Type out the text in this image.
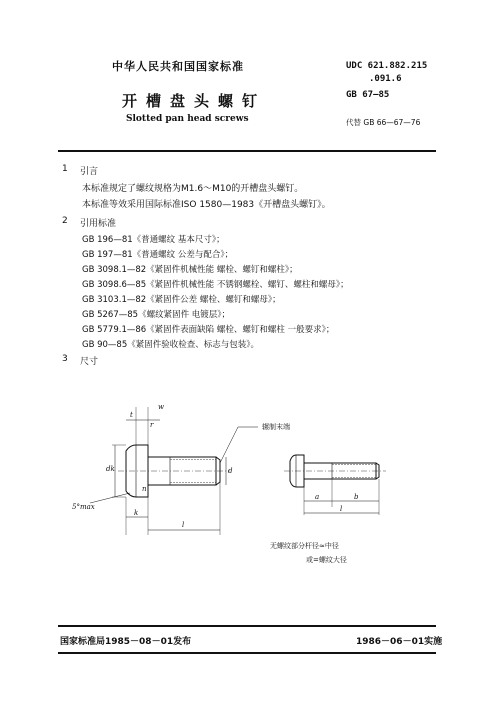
中华人民共和国国家标准
开槽盘头螺钉
Slotted pan head screws
UDC 621.882.215
.091.6
GB 67—85
代替 GB 66—67—76
1 引言
本标准规定了螺纹规格为M1.6～M10的开槽盘头螺钉。
本标准等效采用国际标准ISO 1580—1983《开槽盘头螺钉》。
2 引用标准
GB 196—81《普通螺纹 基本尺寸》；
GB 197—81《普通螺纹 公差与配合》；
GB 3098.1—82《紧固件机械性能 螺栓、螺钉和螺柱》；
GB 3098.6—85《紧固件机械性能 不锈钢螺栓、螺钉、螺柱和螺母》；
GB 3103.1—82《紧固件公差 螺栓、螺钉和螺母》；
GB 5267—85《螺纹紧固件 电镀层》；
GB 5779.1—86《紧固件表面缺陷 螺栓、螺钉和螺柱 一般要求》；
GB 90—85《紧固件验收检查、标志与包装》。
3 尺寸
w
t
r	辗制末端
dk	d
n
5°max
k
l
a	b
l
无螺纹部分杆径≈中径
或=螺纹大径
国家标准局1985－08－01发布	1986－06－01实施
